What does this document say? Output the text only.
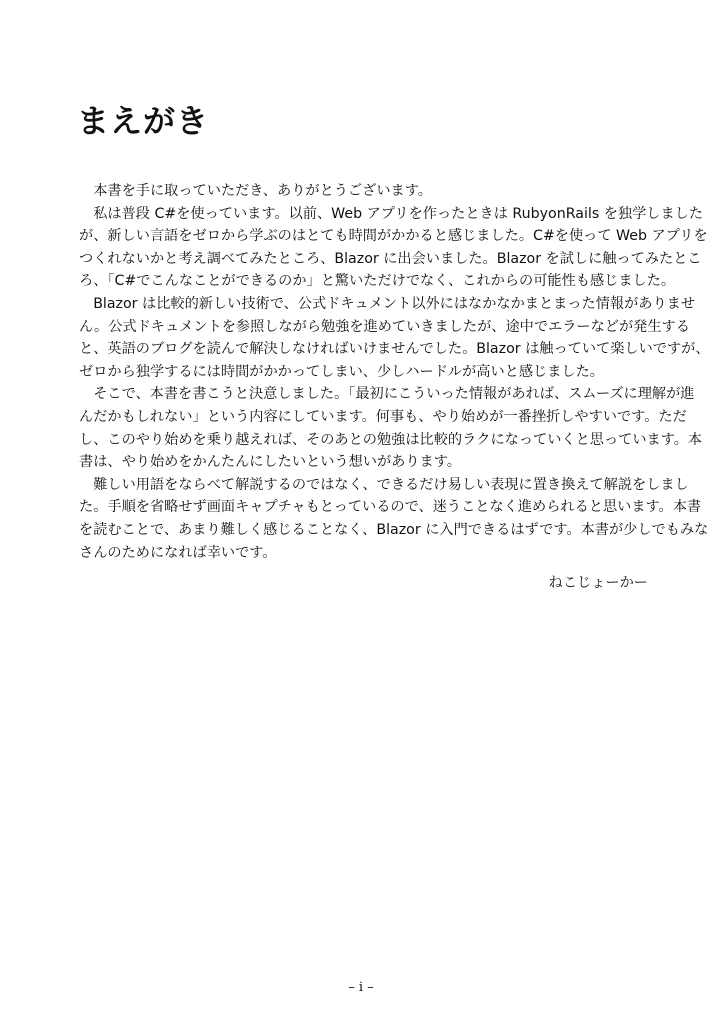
まえがき
　本書を手に取っていただき、ありがとうございます。
　私は普段 C#を使っています。以前、Web アプリを作ったときは RubyonRails を独学しました
が、新しい言語をゼロから学ぶのはとても時間がかかると感じました。C#を使って Web アプリを
つくれないかと考え調べてみたところ、Blazor に出会いました。Blazor を試しに触ってみたとこ
ろ、「C#でこんなことができるのか」と驚いただけでなく、これからの可能性も感じました。
　Blazor は比較的新しい技術で、公式ドキュメント以外にはなかなかまとまった情報がありませ
ん。公式ドキュメントを参照しながら勉強を進めていきましたが、途中でエラーなどが発生する
と、英語のブログを読んで解決しなければいけませんでした。Blazor は触っていて楽しいですが、
ゼロから独学するには時間がかかってしまい、少しハードルが高いと感じました。
　そこで、本書を書こうと決意しました。「最初にこういった情報があれば、スムーズに理解が進
んだかもしれない」という内容にしています。何事も、やり始めが一番挫折しやすいです。ただ
し、このやり始めを乗り越えれば、そのあとの勉強は比較的ラクになっていくと思っています。本
書は、やり始めをかんたんにしたいという想いがあります。
　難しい用語をならべて解説するのではなく、できるだけ易しい表現に置き換えて解説をしまし
た。手順を省略せず画面キャプチャもとっているので、迷うことなく進められると思います。本書
を読むことで、あまり難しく感じることなく、Blazor に入門できるはずです。本書が少しでもみな
さんのためになれば幸いです。
ねこじょーかー
– i –
